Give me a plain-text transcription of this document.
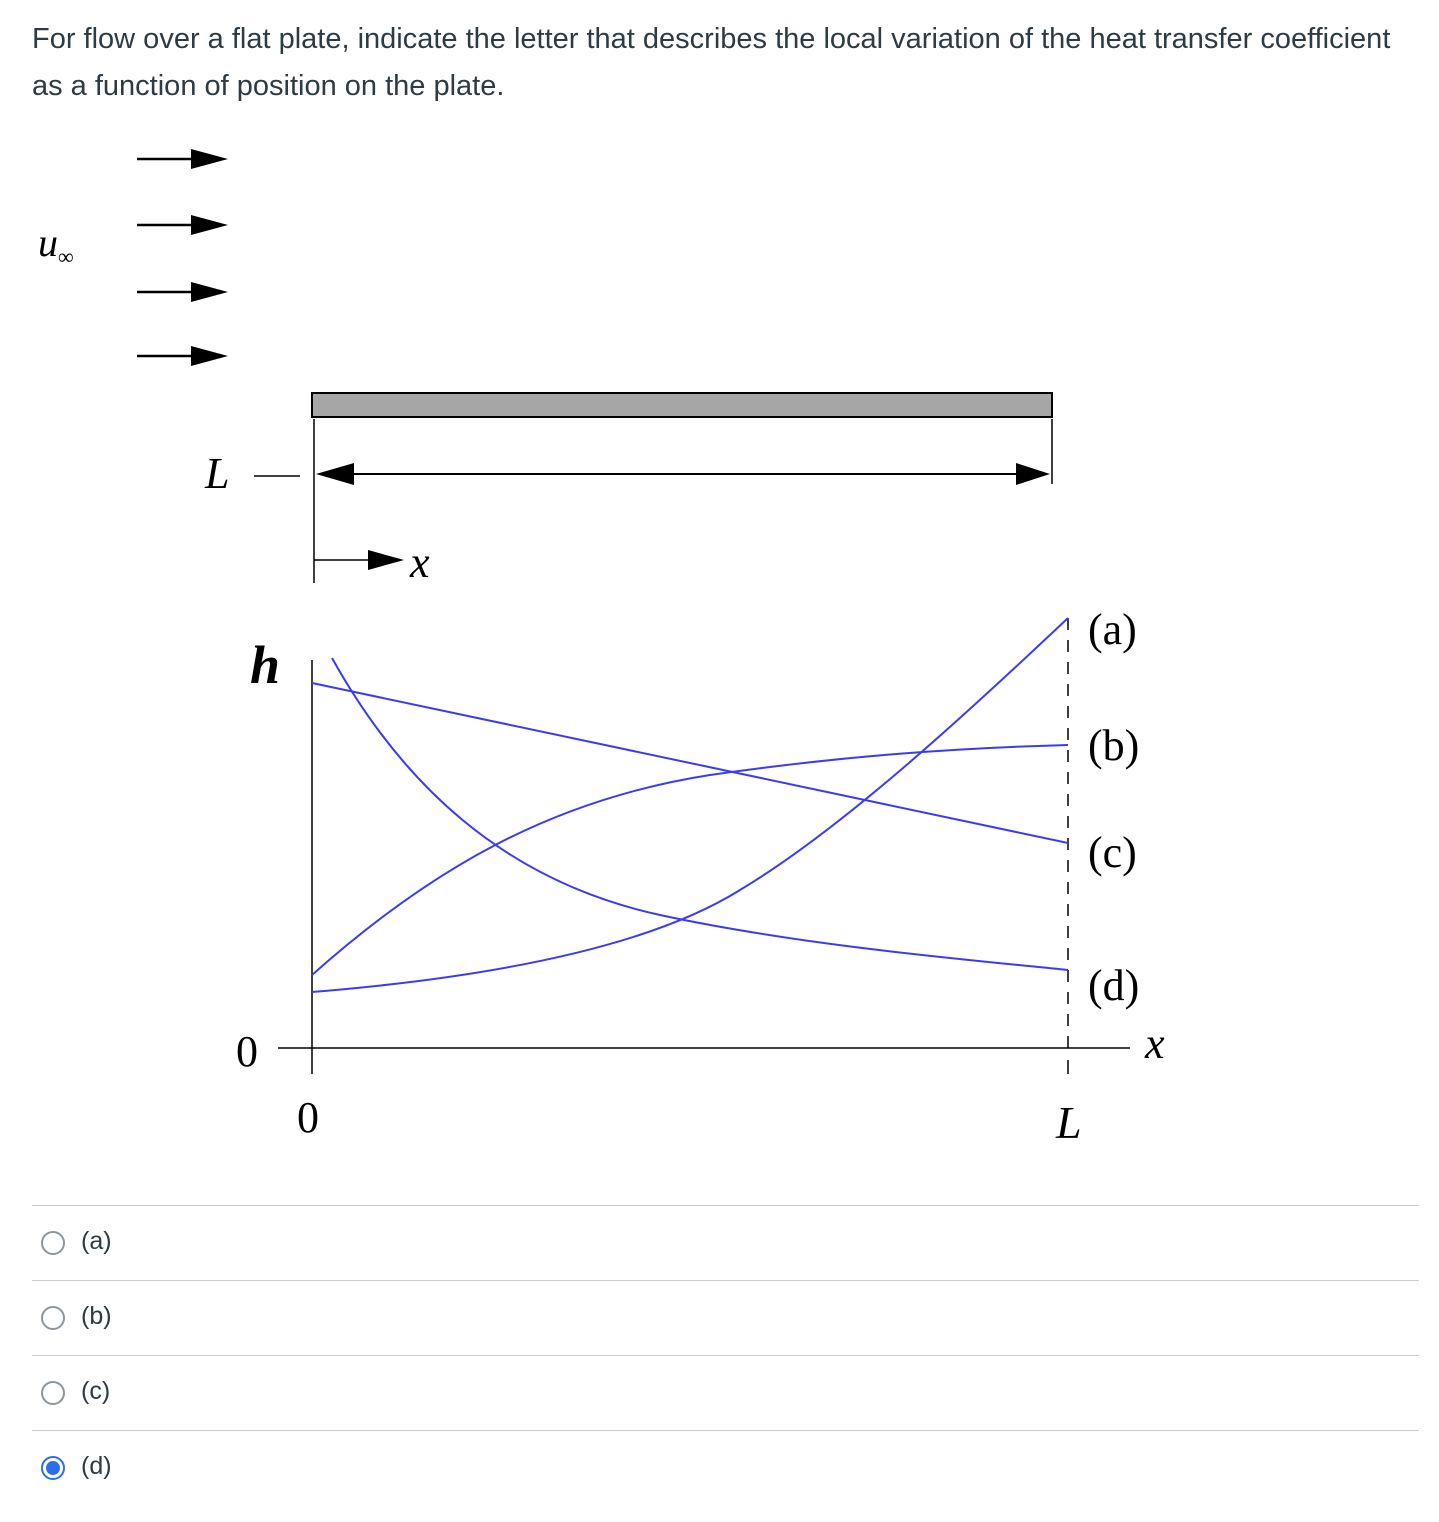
For flow over a flat plate, indicate the letter that describes the local variation of the heat transfer coefficient as a function of position on the plate.
$u_\infty$
L
x
h
0
0	L
x
(a)
(b)
(c)
(d)
(a)
(b)
(c)
(d)
